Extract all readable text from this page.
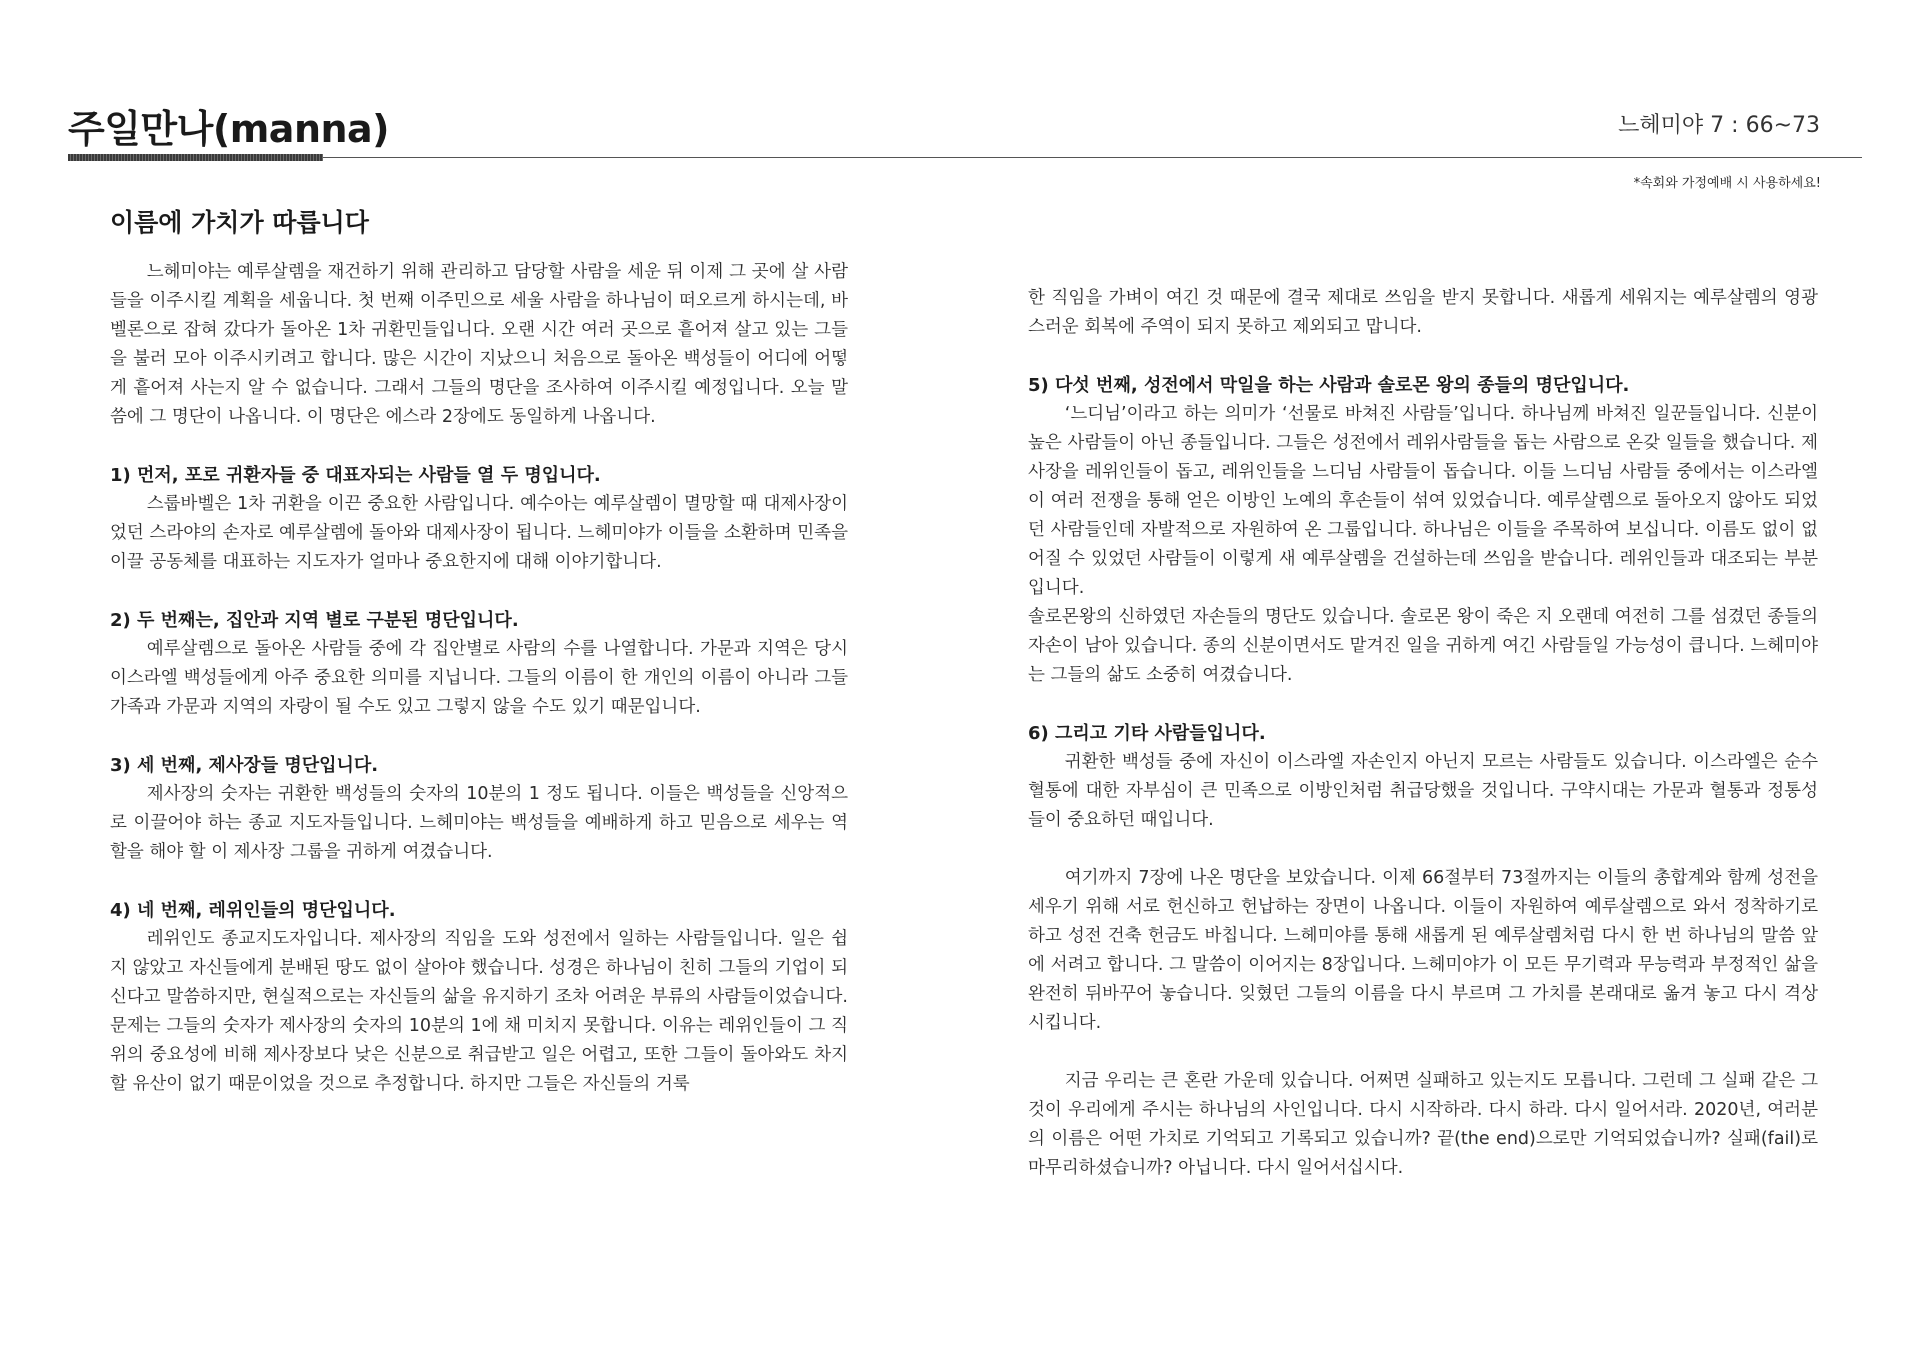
주일만나(manna)	느헤미야 7 : 66~73
*속회와 가정예배 시 사용하세요!
이름에 가치가 따릅니다

느헤미야는 예루살렘을 재건하기 위해 관리하고 담당할 사람을 세운 뒤 이제 그 곳에 살 사람들을 이주시킬 계획을 세웁니다. 첫 번째 이주민으로 세울 사람을 하나님이 떠오르게 하시는데, 바벨론으로 잡혀 갔다가 돌아온 1차 귀환민들입니다. 오랜 시간 여러 곳으로 흩어져 살고 있는 그들을 불러 모아 이주시키려고 합니다. 많은 시간이 지났으니 처음으로 돌아온 백성들이 어디에 어떻게 흩어져 사는지 알 수 없습니다. 그래서 그들의 명단을 조사하여 이주시킬 예정입니다. 오늘 말씀에 그 명단이 나옵니다. 이 명단은 에스라 2장에도 동일하게 나옵니다.

1) 먼저, 포로 귀환자들 중 대표자되는 사람들 열 두 명입니다.

스룹바벨은 1차 귀환을 이끈 중요한 사람입니다. 예수아는 예루살렘이 멸망할 때 대제사장이었던 스라야의 손자로 예루살렘에 돌아와 대제사장이 됩니다. 느헤미야가 이들을 소환하며 민족을 이끌 공동체를 대표하는 지도자가 얼마나 중요한지에 대해 이야기합니다.

2) 두 번째는, 집안과 지역 별로 구분된 명단입니다.

예루살렘으로 돌아온 사람들 중에 각 집안별로 사람의 수를 나열합니다. 가문과 지역은 당시 이스라엘 백성들에게 아주 중요한 의미를 지닙니다. 그들의 이름이 한 개인의 이름이 아니라 그들 가족과 가문과 지역의 자랑이 될 수도 있고 그렇지 않을 수도 있기 때문입니다.

3) 세 번째, 제사장들 명단입니다.

제사장의 숫자는 귀환한 백성들의 숫자의 10분의 1 정도 됩니다. 이들은 백성들을 신앙적으로 이끌어야 하는 종교 지도자들입니다. 느헤미야는 백성들을 예배하게 하고 믿음으로 세우는 역할을 해야 할 이 제사장 그룹을 귀하게 여겼습니다.

4) 네 번째, 레위인들의 명단입니다.

레위인도 종교지도자입니다. 제사장의 직임을 도와 성전에서 일하는 사람들입니다. 일은 쉽지 않았고 자신들에게 분배된 땅도 없이 살아야 했습니다. 성경은 하나님이 친히 그들의 기업이 되신다고 말씀하지만, 현실적으로는 자신들의 삶을 유지하기 조차 어려운 부류의 사람들이었습니다. 문제는 그들의 숫자가 제사장의 숫자의 10분의 1에 채 미치지 못합니다. 이유는 레위인들이 그 직위의 중요성에 비해 제사장보다 낮은 신분으로 취급받고 일은 어렵고, 또한 그들이 돌아와도 차지할 유산이 없기 때문이었을 것으로 추정합니다. 하지만 그들은 자신들의 거룩

한 직임을 가벼이 여긴 것 때문에 결국 제대로 쓰임을 받지 못합니다. 새롭게 세워지는 예루살렘의 영광스러운 회복에 주역이 되지 못하고 제외되고 맙니다.

5) 다섯 번째, 성전에서 막일을 하는 사람과 솔로몬 왕의 종들의 명단입니다.

‘느디님’이라고 하는 의미가 ‘선물로 바쳐진 사람들’입니다. 하나님께 바쳐진 일꾼들입니다. 신분이 높은 사람들이 아닌 종들입니다. 그들은 성전에서 레위사람들을 돕는 사람으로 온갖 일들을 했습니다. 제사장을 레위인들이 돕고, 레위인들을 느디님 사람들이 돕습니다. 이들 느디님 사람들 중에서는 이스라엘이 여러 전쟁을 통해 얻은 이방인 노예의 후손들이 섞여 있었습니다. 예루살렘으로 돌아오지 않아도 되었던 사람들인데 자발적으로 자원하여 온 그룹입니다. 하나님은 이들을 주목하여 보십니다. 이름도 없이 없어질 수 있었던 사람들이 이렇게 새 예루살렘을 건설하는데 쓰임을 받습니다. 레위인들과 대조되는 부분입니다.

솔로몬왕의 신하였던 자손들의 명단도 있습니다. 솔로몬 왕이 죽은 지 오랜데 여전히 그를 섬겼던 종들의 자손이 남아 있습니다. 종의 신분이면서도 맡겨진 일을 귀하게 여긴 사람들일 가능성이 큽니다. 느헤미야는 그들의 삶도 소중히 여겼습니다.

6) 그리고 기타 사람들입니다.

귀환한 백성들 중에 자신이 이스라엘 자손인지 아닌지 모르는 사람들도 있습니다. 이스라엘은 순수 혈통에 대한 자부심이 큰 민족으로 이방인처럼 취급당했을 것입니다. 구약시대는 가문과 혈통과 정통성들이 중요하던 때입니다.

여기까지 7장에 나온 명단을 보았습니다. 이제 66절부터 73절까지는 이들의 총합계와 함께 성전을 세우기 위해 서로 헌신하고 헌납하는 장면이 나옵니다. 이들이 자원하여 예루살렘으로 와서 정착하기로 하고 성전 건축 헌금도 바칩니다. 느헤미야를 통해 새롭게 된 예루살렘처럼 다시 한 번 하나님의 말씀 앞에 서려고 합니다. 그 말씀이 이어지는 8장입니다. 느헤미야가 이 모든 무기력과 무능력과 부정적인 삶을 완전히 뒤바꾸어 놓습니다. 잊혔던 그들의 이름을 다시 부르며 그 가치를 본래대로 옮겨 놓고 다시 격상시킵니다.

지금 우리는 큰 혼란 가운데 있습니다. 어쩌면 실패하고 있는지도 모릅니다. 그런데 그 실패 같은 그것이 우리에게 주시는 하나님의 사인입니다. 다시 시작하라. 다시 하라. 다시 일어서라. 2020년, 여러분의 이름은 어떤 가치로 기억되고 기록되고 있습니까? 끝(the end)으로만 기억되었습니까? 실패(fail)로 마무리하셨습니까? 아닙니다. 다시 일어서십시다.
